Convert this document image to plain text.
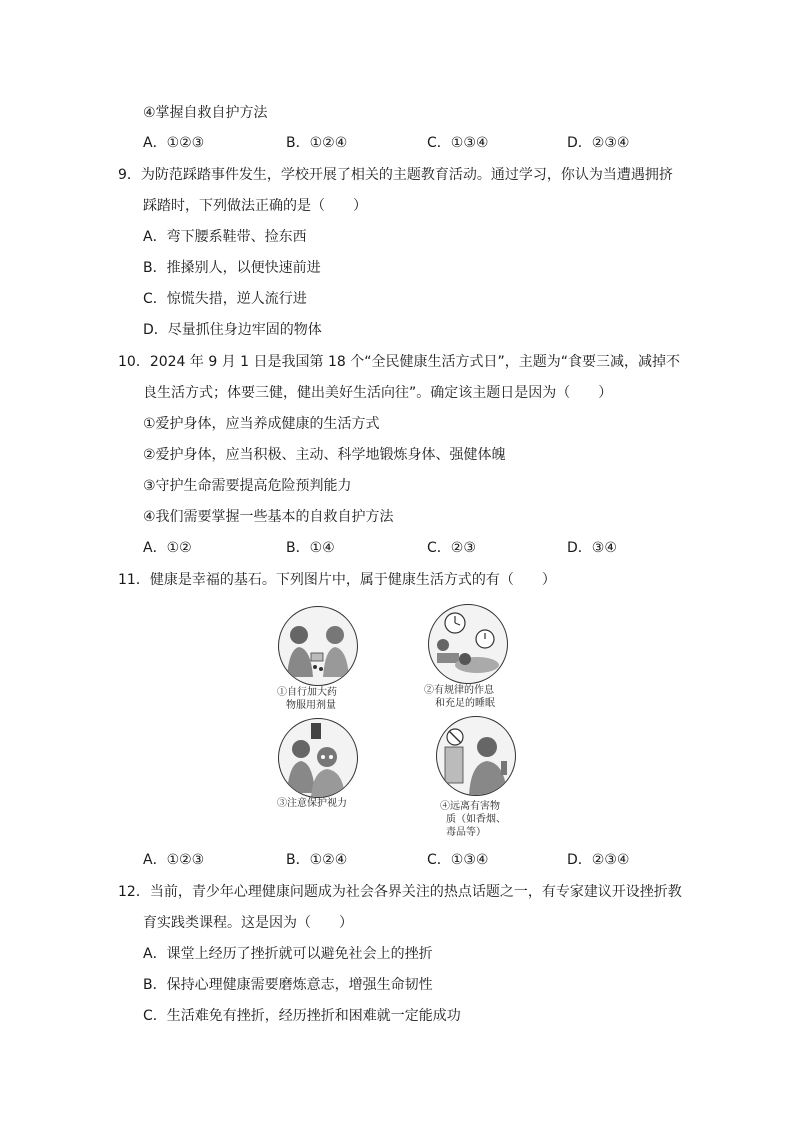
④掌握自救自护方法
A．①②③	B．①②④	C．①③④	D．②③④
9．为防范踩踏事件发生，学校开展了相关的主题教育活动。通过学习，你认为当遭遇拥挤
踩踏时，下列做法正确的是（　　）
A．弯下腰系鞋带、捡东西
B．推搡别人，以便快速前进
C．惊慌失措，逆人流行进
D．尽量抓住身边牢固的物体
10．2024 年 9 月 1 日是我国第 18 个“全民健康生活方式日”，主题为“食要三减，减掉不
良生活方式；体要三健，健出美好生活向往”。确定该主题日是因为（　　）
①爱护身体，应当养成健康的生活方式
②爱护身体，应当积极、主动、科学地锻炼身体、强健体魄
③守护生命需要提高危险预判能力
④我们需要掌握一些基本的自救自护方法
A．①②	B．①④	C．②③	D．③④
11．健康是幸福的基石。下列图片中，属于健康生活方式的有（　　）
①自行加大药
物服用剂量
②有规律的作息
和充足的睡眠
③注意保护视力	④远离有害物
质（如香烟、
毒品等）
A．①②③	B．①②④	C．①③④	D．②③④
12．当前，青少年心理健康问题成为社会各界关注的热点话题之一，有专家建议开设挫折教
育实践类课程。这是因为（　　）
A．课堂上经历了挫折就可以避免社会上的挫折
B．保持心理健康需要磨炼意志，增强生命韧性
C．生活难免有挫折，经历挫折和困难就一定能成功
